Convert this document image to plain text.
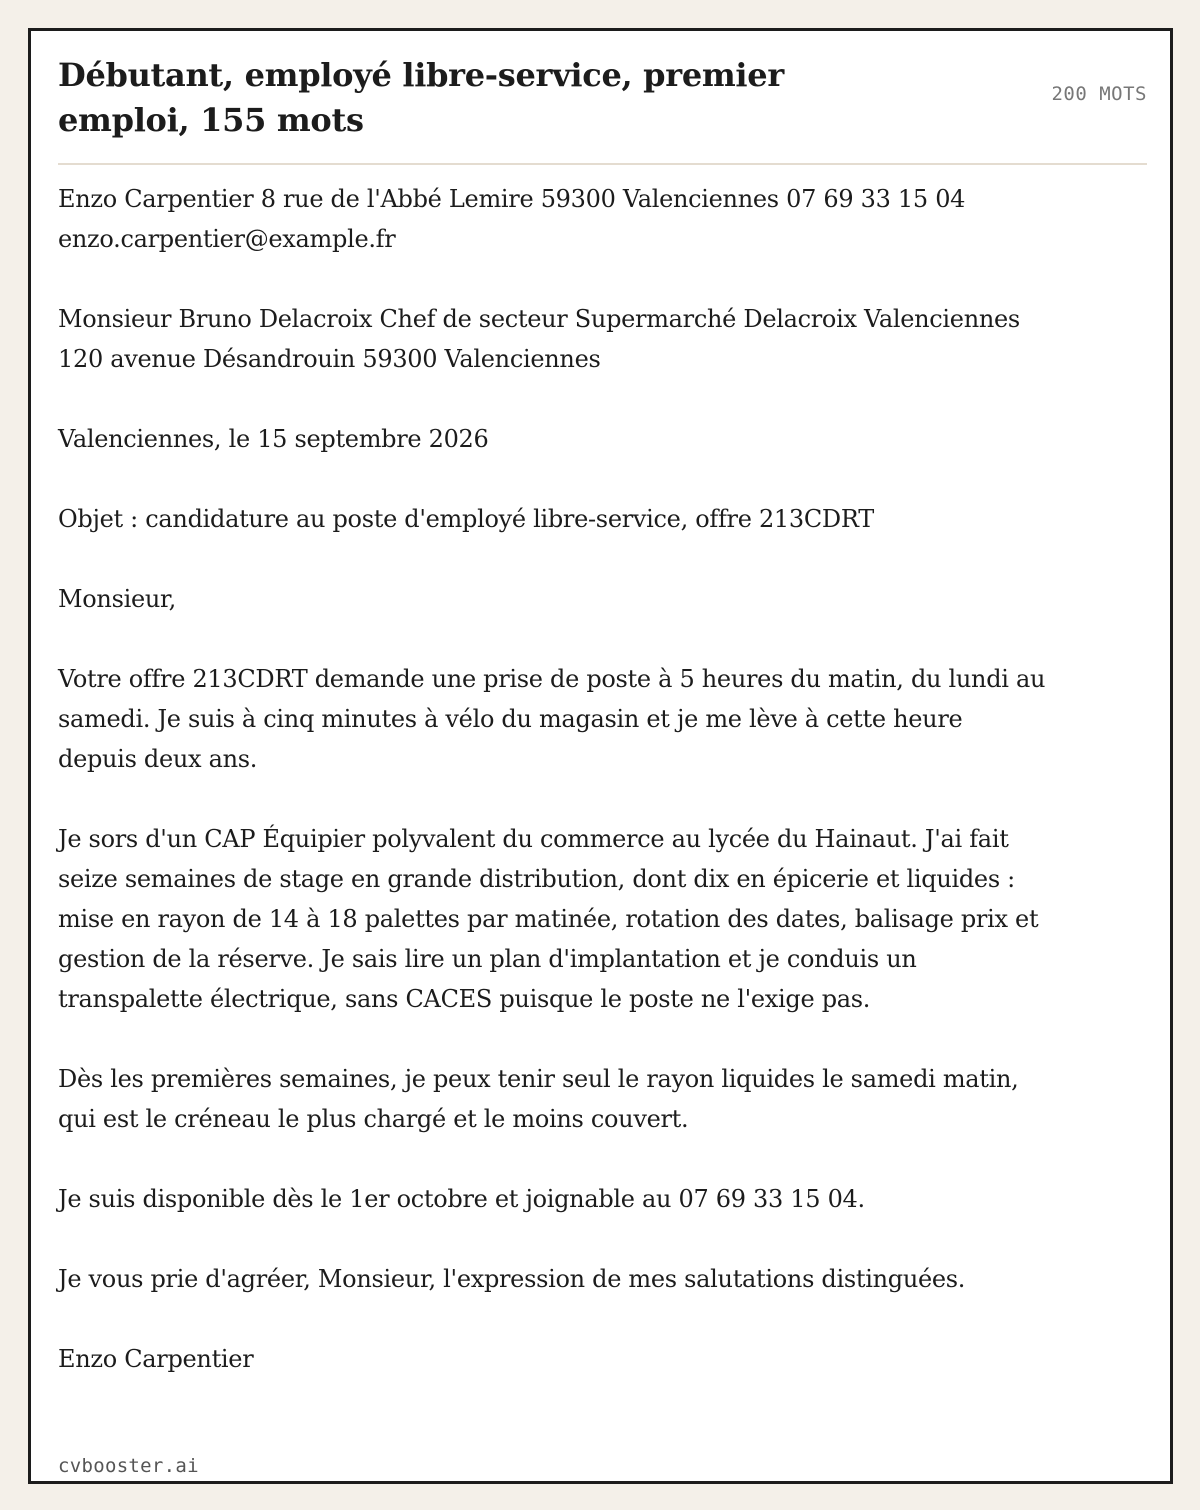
Débutant, employé libre-service, premier emploi, 155 mots
200 MOTS

Enzo Carpentier 8 rue de l'Abbé Lemire 59300 Valenciennes 07 69 33 15 04 enzo.carpentier@example.fr

Monsieur Bruno Delacroix Chef de secteur Supermarché Delacroix Valenciennes 120 avenue Désandrouin 59300 Valenciennes

Valenciennes, le 15 septembre 2026

Objet : candidature au poste d'employé libre-service, offre 213CDRT

Monsieur,

Votre offre 213CDRT demande une prise de poste à 5 heures du matin, du lundi au samedi. Je suis à cinq minutes à vélo du magasin et je me lève à cette heure depuis deux ans.

Je sors d'un CAP Équipier polyvalent du commerce au lycée du Hainaut. J'ai fait seize semaines de stage en grande distribution, dont dix en épicerie et liquides : mise en rayon de 14 à 18 palettes par matinée, rotation des dates, balisage prix et gestion de la réserve. Je sais lire un plan d'implantation et je conduis un transpalette électrique, sans CACES puisque le poste ne l'exige pas.

Dès les premières semaines, je peux tenir seul le rayon liquides le samedi matin, qui est le créneau le plus chargé et le moins couvert.

Je suis disponible dès le 1er octobre et joignable au 07 69 33 15 04.

Je vous prie d'agréer, Monsieur, l'expression de mes salutations distinguées.

Enzo Carpentier

cvbooster.ai
